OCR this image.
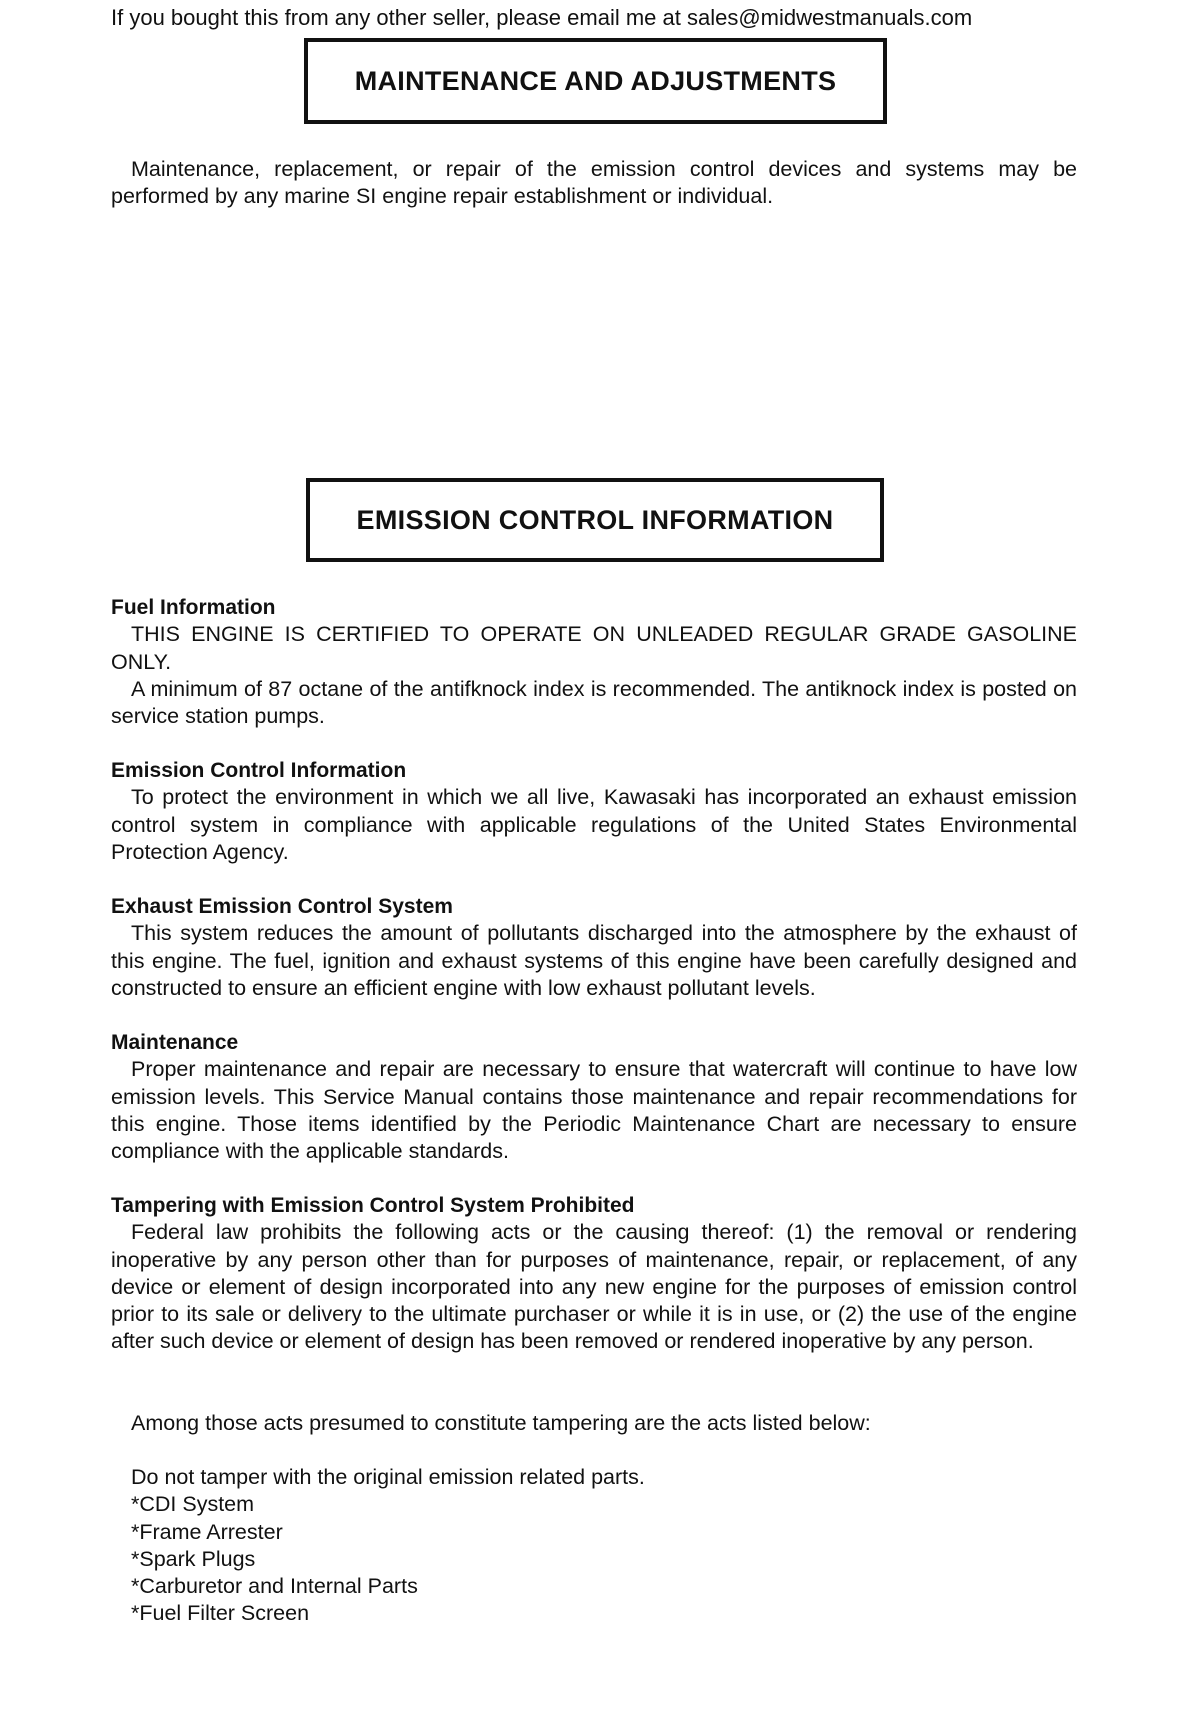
If you bought this from any other seller, please email me at sales@midwestmanuals.com
MAINTENANCE AND ADJUSTMENTS

Maintenance, replacement, or repair of the emission control devices and systems may be performed by any marine SI engine repair establishment or individual.

EMISSION CONTROL INFORMATION
Fuel Information

THIS ENGINE IS CERTIFIED TO OPERATE ON UNLEADED REGULAR GRADE GASOLINE ONLY.

A minimum of 87 octane of the antifknock index is recommended. The antiknock index is posted on service station pumps.

Emission Control Information

To protect the environment in which we all live, Kawasaki has incorporated an exhaust emission control system in compliance with applicable regulations of the United States Environmental Protection Agency.

Exhaust Emission Control System

This system reduces the amount of pollutants discharged into the atmosphere by the exhaust of this engine. The fuel, ignition and exhaust systems of this engine have been carefully designed and constructed to ensure an efficient engine with low exhaust pollutant levels.

Maintenance

Proper maintenance and repair are necessary to ensure that watercraft will continue to have low emission levels. This Service Manual contains those maintenance and repair recommendations for this engine. Those items identified by the Periodic Maintenance Chart are necessary to ensure compliance with the applicable standards.

Tampering with Emission Control System Prohibited

Federal law prohibits the following acts or the causing thereof: (1) the removal or rendering inoperative by any person other than for purposes of maintenance, repair, or replacement, of any device or element of design incorporated into any new engine for the purposes of emission control prior to its sale or delivery to the ultimate purchaser or while it is in use, or (2) the use of the engine after such device or element of design has been removed or rendered inoperative by any person.

Among those acts presumed to constitute tampering are the acts listed below:

Do not tamper with the original emission related parts.
*CDI System
*Frame Arrester
*Spark Plugs
*Carburetor and Internal Parts
*Fuel Filter Screen
